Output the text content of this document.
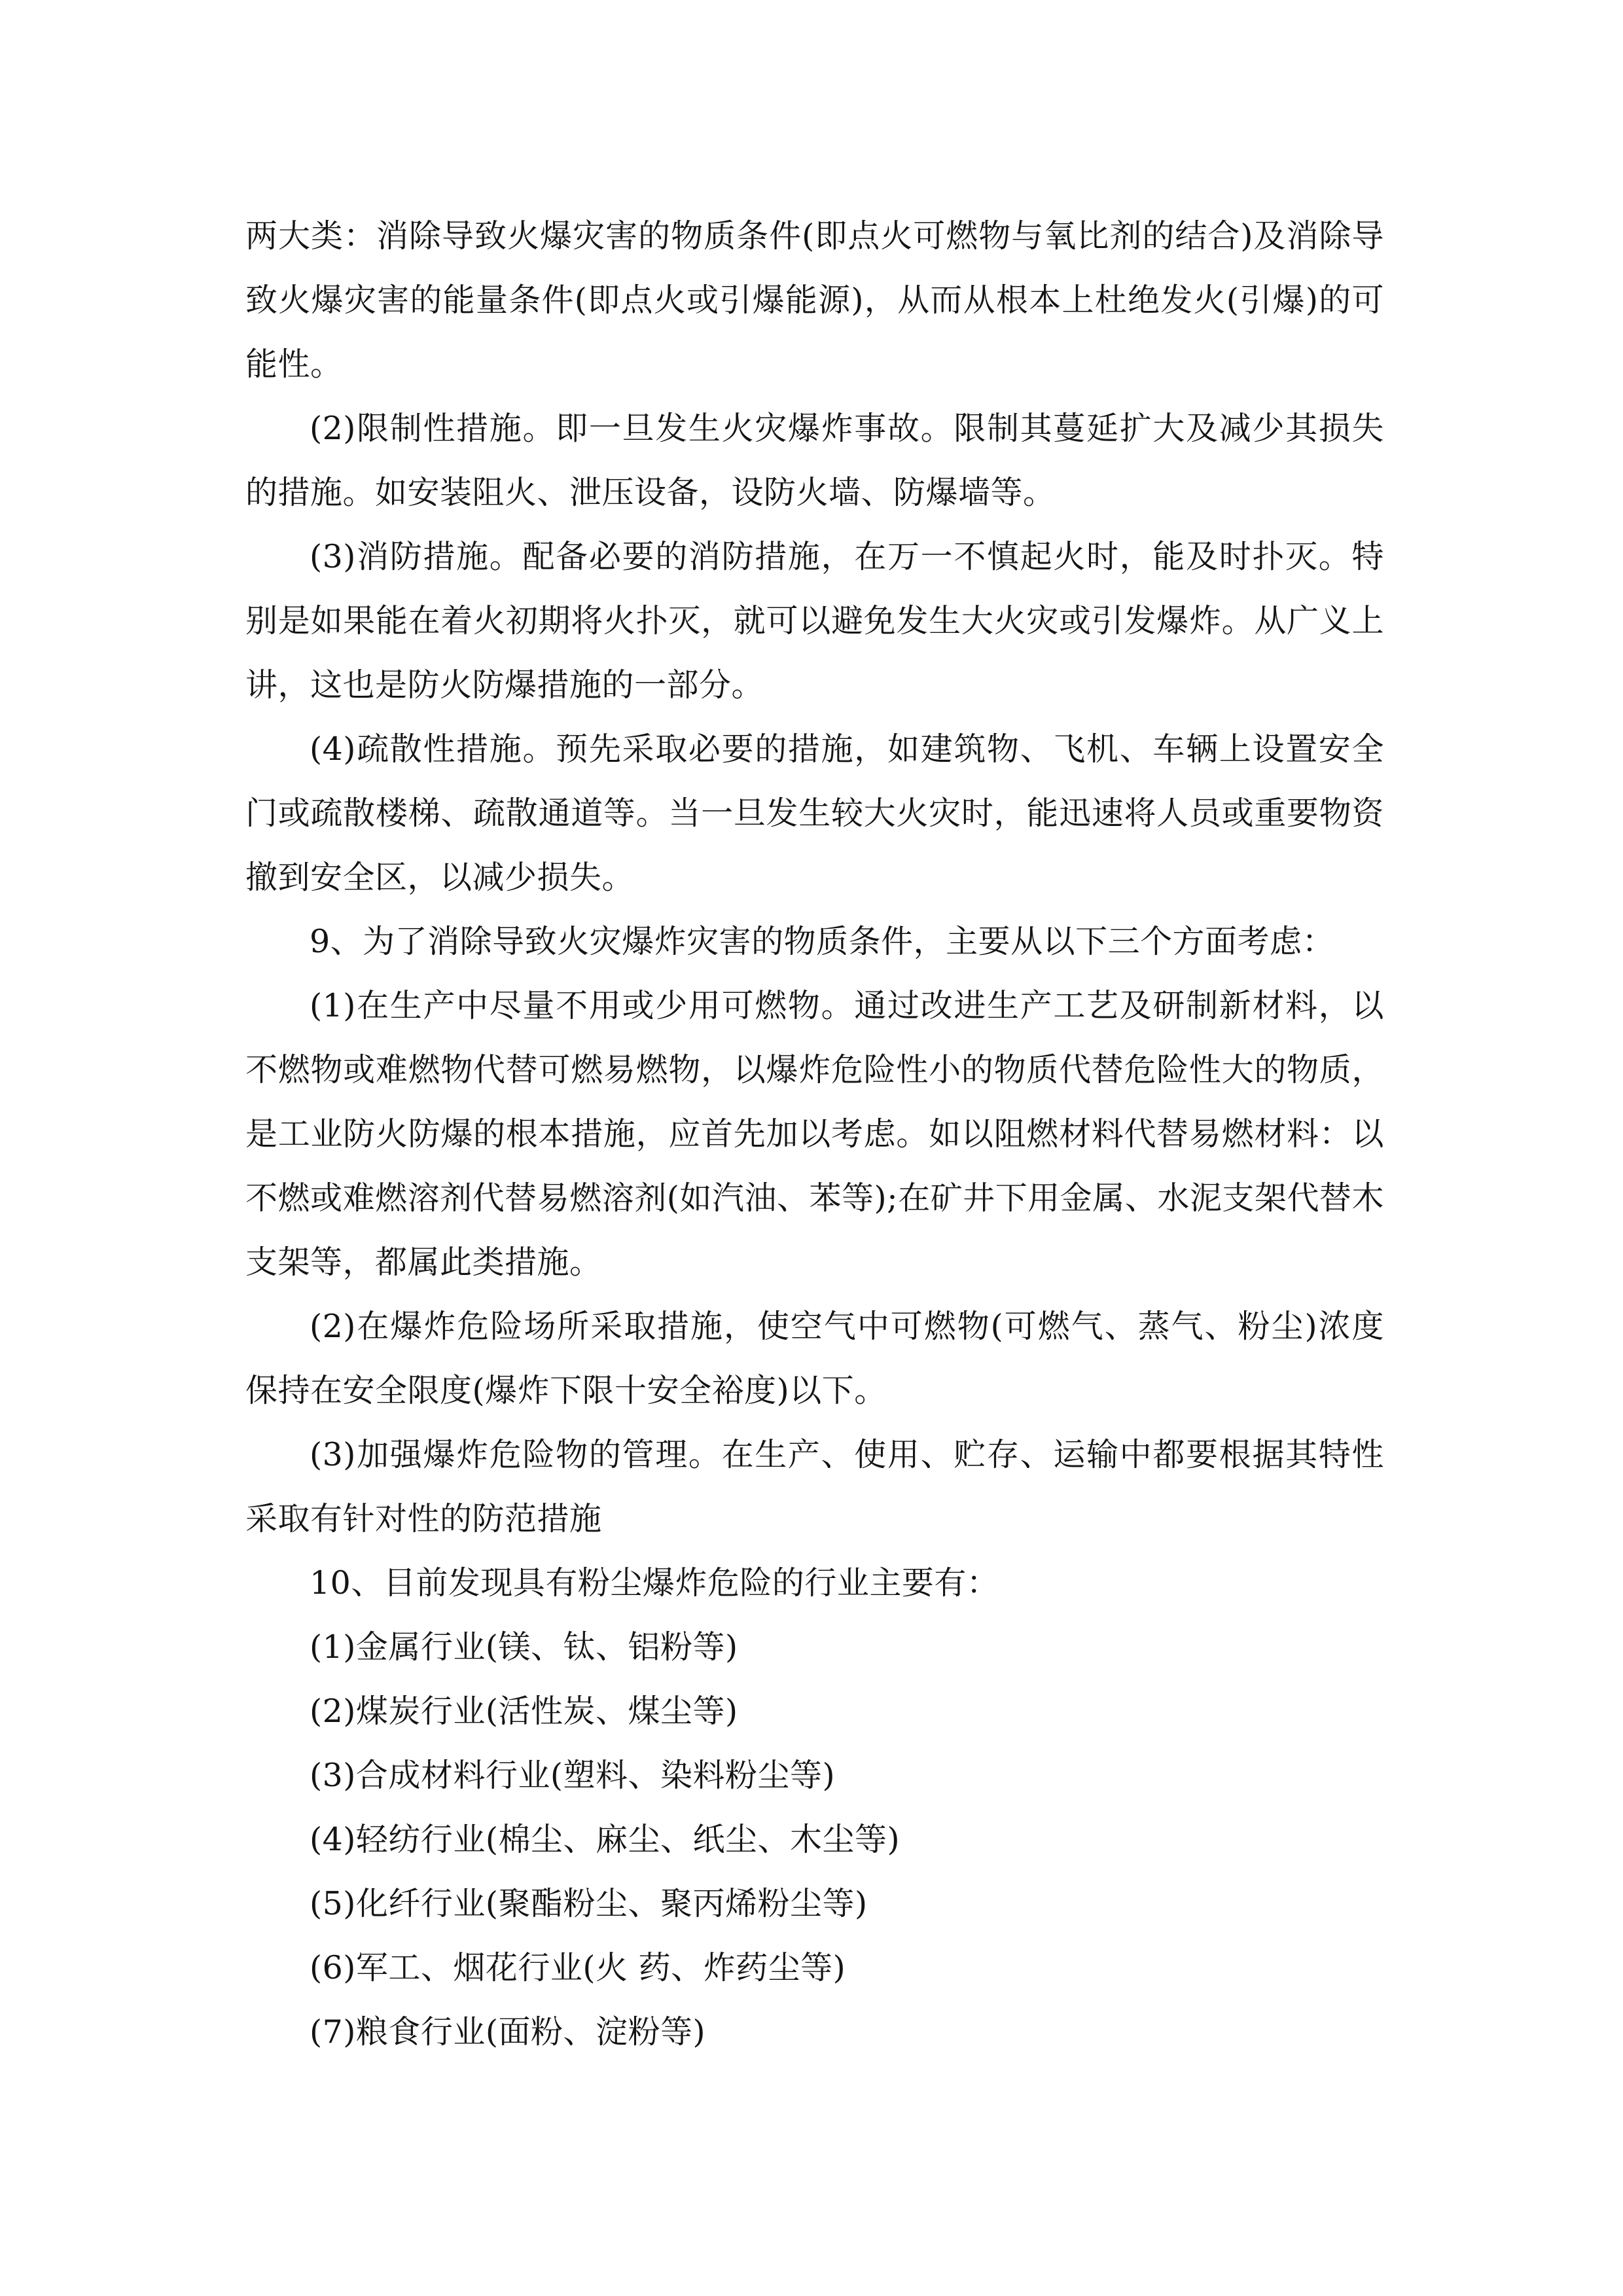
两大类：消除导致火爆灾害的物质条件(即点火可燃物与氧比剂的结合)及消除导致火爆灾害的能量条件(即点火或引爆能源)，从而从根本上杜绝发火(引爆)的可能性。

(2)限制性措施。即一旦发生火灾爆炸事故。限制其蔓延扩大及减少其损失的措施。如安装阻火、泄压设备，设防火墙、防爆墙等。

(3)消防措施。配备必要的消防措施，在万一不慎起火时，能及时扑灭。特别是如果能在着火初期将火扑灭，就可以避免发生大火灾或引发爆炸。从广义上讲，这也是防火防爆措施的一部分。

(4)疏散性措施。预先采取必要的措施，如建筑物、飞机、车辆上设置安全门或疏散楼梯、疏散通道等。当一旦发生较大火灾时，能迅速将人员或重要物资撤到安全区，以减少损失。

9、为了消除导致火灾爆炸灾害的物质条件，主要从以下三个方面考虑：

(1)在生产中尽量不用或少用可燃物。通过改进生产工艺及研制新材料，以不燃物或难燃物代替可燃易燃物，以爆炸危险性小的物质代替危险性大的物质，是工业防火防爆的根本措施，应首先加以考虑。如以阻燃材料代替易燃材料：以不燃或难燃溶剂代替易燃溶剂(如汽油、苯等);在矿井下用金属、水泥支架代替木支架等，都属此类措施。

(2)在爆炸危险场所采取措施，使空气中可燃物(可燃气、蒸气、粉尘)浓度保持在安全限度(爆炸下限十安全裕度)以下。

(3)加强爆炸危险物的管理。在生产、使用、贮存、运输中都要根据其特性采取有针对性的防范措施

10、目前发现具有粉尘爆炸危险的行业主要有：

(1)金属行业(镁、钛、铝粉等)

(2)煤炭行业(活性炭、煤尘等)

(3)合成材料行业(塑料、染料粉尘等)

(4)轻纺行业(棉尘、麻尘、纸尘、木尘等)

(5)化纤行业(聚酯粉尘、聚丙烯粉尘等)

(6)军工、烟花行业(火 药、炸药尘等)

(7)粮食行业(面粉、淀粉等)
